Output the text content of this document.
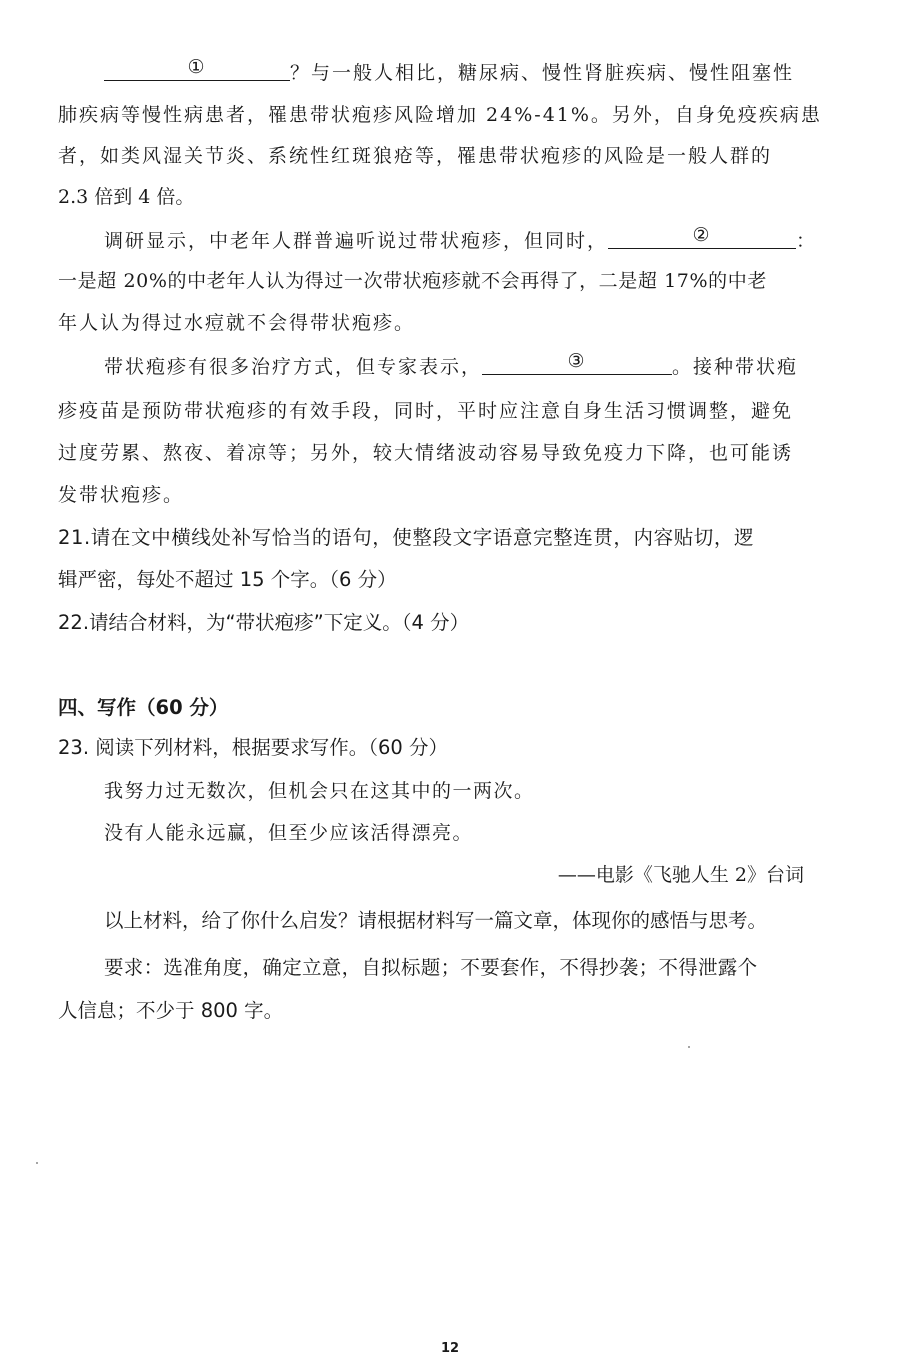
①	？与一般人相比，糖尿病、慢性肾脏疾病、慢性阻塞性
肺疾病等慢性病患者，罹患带状疱疹风险增加 24%-41%。另外，自身免疫疾病患
者，如类风湿关节炎、系统性红斑狼疮等，罹患带状疱疹的风险是一般人群的
2.3 倍到 4 倍。
调研显示，中老年人群普遍听说过带状疱疹，但同时，	②	：
一是超 20%的中老年人认为得过一次带状疱疹就不会再得了，二是超 17%的中老
年人认为得过水痘就不会得带状疱疹。
带状疱疹有很多治疗方式，但专家表示，	③	。接种带状疱
疹疫苗是预防带状疱疹的有效手段，同时，平时应注意自身生活习惯调整，避免
过度劳累、熬夜、着凉等；另外，较大情绪波动容易导致免疫力下降，也可能诱
发带状疱疹。
21.请在文中横线处补写恰当的语句，使整段文字语意完整连贯，内容贴切，逻
辑严密，每处不超过 15 个字。（6 分）
22.请结合材料，为“带状疱疹”下定义。（4 分）
四、写作（60 分）
23. 阅读下列材料，根据要求写作。（60 分）
我努力过无数次，但机会只在这其中的一两次。
没有人能永远赢，但至少应该活得漂亮。
——电影《飞驰人生 2》台词
以上材料，给了你什么启发？请根据材料写一篇文章，体现你的感悟与思考。
要求：选准角度，确定立意，自拟标题；不要套作，不得抄袭；不得泄露个
人信息；不少于 800 字。
12
